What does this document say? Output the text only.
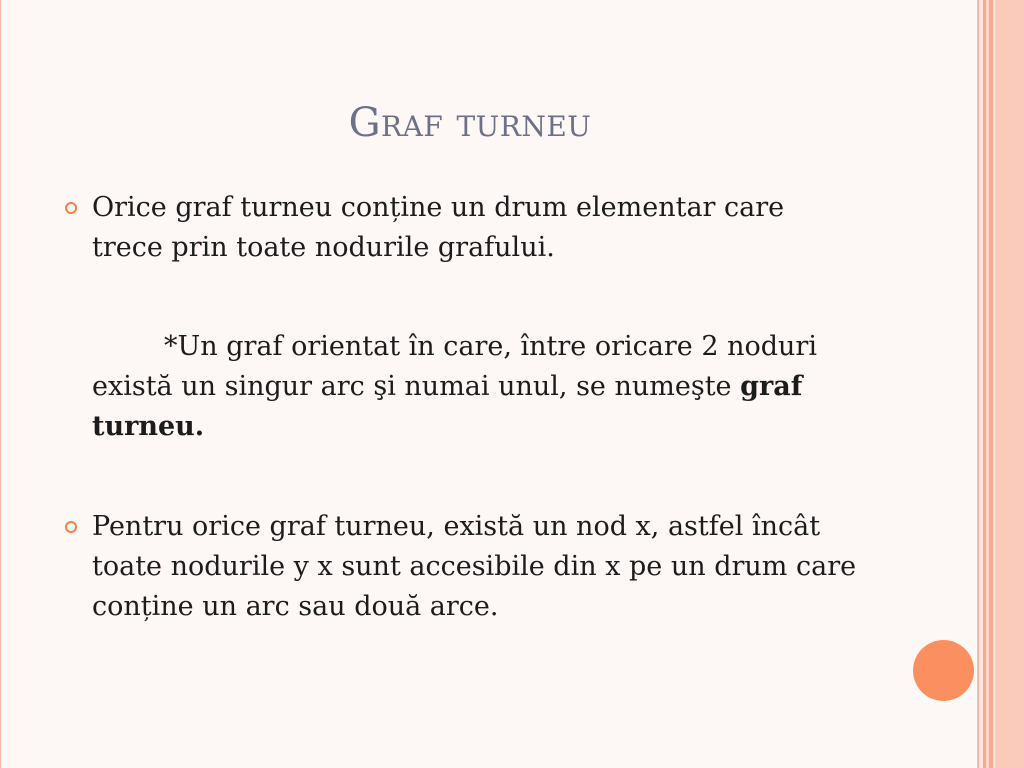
Graf turneu
Orice graf turneu conține un drum elementar care trece prin toate nodurile grafului.
*Un graf orientat în care, între oricare 2 noduri există un singur arc şi numai unul, se numeşte graf turneu.
Pentru orice graf turneu, există un nod x, astfel încât toate nodurile y x sunt accesibile din x pe un drum care conține un arc sau două arce.
